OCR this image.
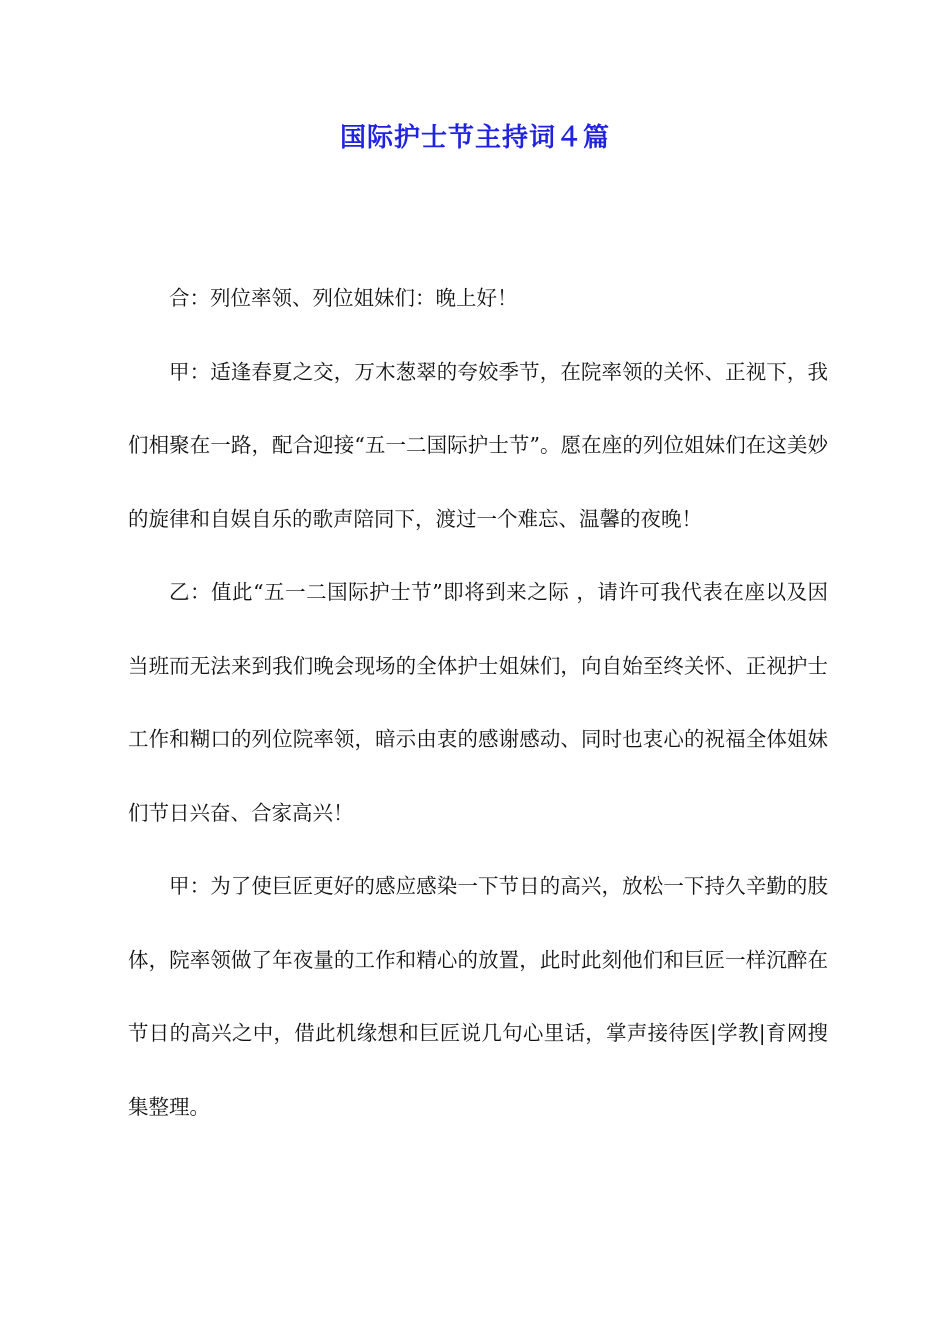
国际护士节主持词４篇

合：列位率领、列位姐妹们：晚上好！

甲：适逢春夏之交，万木葱翠的夸姣季节，在院率领的关怀、正视下，我们相聚在一路，配合迎接“五一二国际护士节”。愿在座的列位姐妹们在这美妙的旋律和自娱自乐的歌声陪同下，渡过一个难忘、温馨的夜晚！

乙：值此“五一二国际护士节”即将到来之际 ，请许可我代表在座以及因当班而无法来到我们晚会现场的全体护士姐妹们，向自始至终关怀、正视护士工作和糊口的列位院率领，暗示由衷的感谢感动、同时也衷心的祝福全体姐妹们节日兴奋、合家高兴！

甲：为了使巨匠更好的感应感染一下节日的高兴，放松一下持久辛勤的肢体，院率领做了年夜量的工作和精心的放置，此时此刻他们和巨匠一样沉醉在节日的高兴之中，借此机缘想和巨匠说几句心里话，掌声接待医|学教|育网搜集整理。
